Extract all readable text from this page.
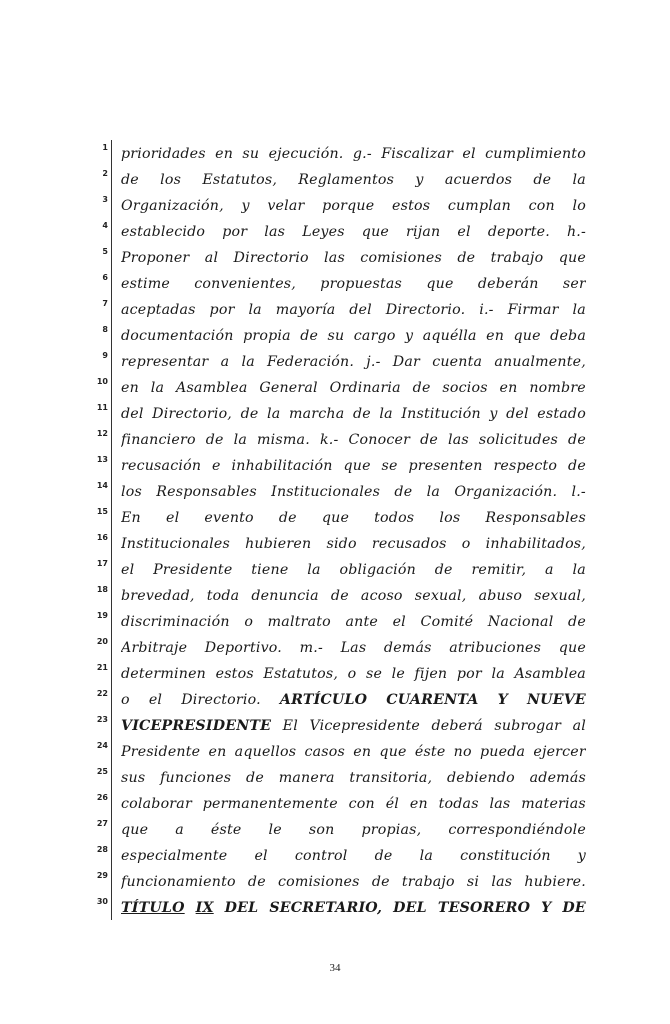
1 prioridades en su ejecución. g.- Fiscalizar el cumplimiento
2 de los Estatutos, Reglamentos y acuerdos de la
3 Organización, y velar porque estos cumplan con lo
4 establecido por las Leyes que rijan el deporte. h.-
5 Proponer al Directorio las comisiones de trabajo que
6 estime convenientes, propuestas que deberán ser
7 aceptadas por la mayoría del Directorio. i.- Firmar la
8 documentación propia de su cargo y aquélla en que deba
9 representar a la Federación. j.- Dar cuenta anualmente,
10 en la Asamblea General Ordinaria de socios en nombre
11 del Directorio, de la marcha de la Institución y del estado
12 financiero de la misma. k.- Conocer de las solicitudes de
13 recusación e inhabilitación que se presenten respecto de
14 los Responsables Institucionales de la Organización. l.-
15 En el evento de que todos los Responsables
16 Institucionales hubieren sido recusados o inhabilitados,
17 el Presidente tiene la obligación de remitir, a la
18 brevedad, toda denuncia de acoso sexual, abuso sexual,
19 discriminación o maltrato ante el Comité Nacional de
20 Arbitraje Deportivo. m.- Las demás atribuciones que
21 determinen estos Estatutos, o se le fijen por la Asamblea
22 o el Directorio. ARTÍCULO CUARENTA Y NUEVE
23 VICEPRESIDENTE El Vicepresidente deberá subrogar al
24 Presidente en aquellos casos en que éste no pueda ejercer
25 sus funciones de manera transitoria, debiendo además
26 colaborar permanentemente con él en todas las materias
27 que a éste le son propias, correspondiéndole
28 especialmente el control de la constitución y
29 funcionamiento de comisiones de trabajo si las hubiere.
30 TÍTULO IX DEL SECRETARIO, DEL TESORERO Y DE
34
